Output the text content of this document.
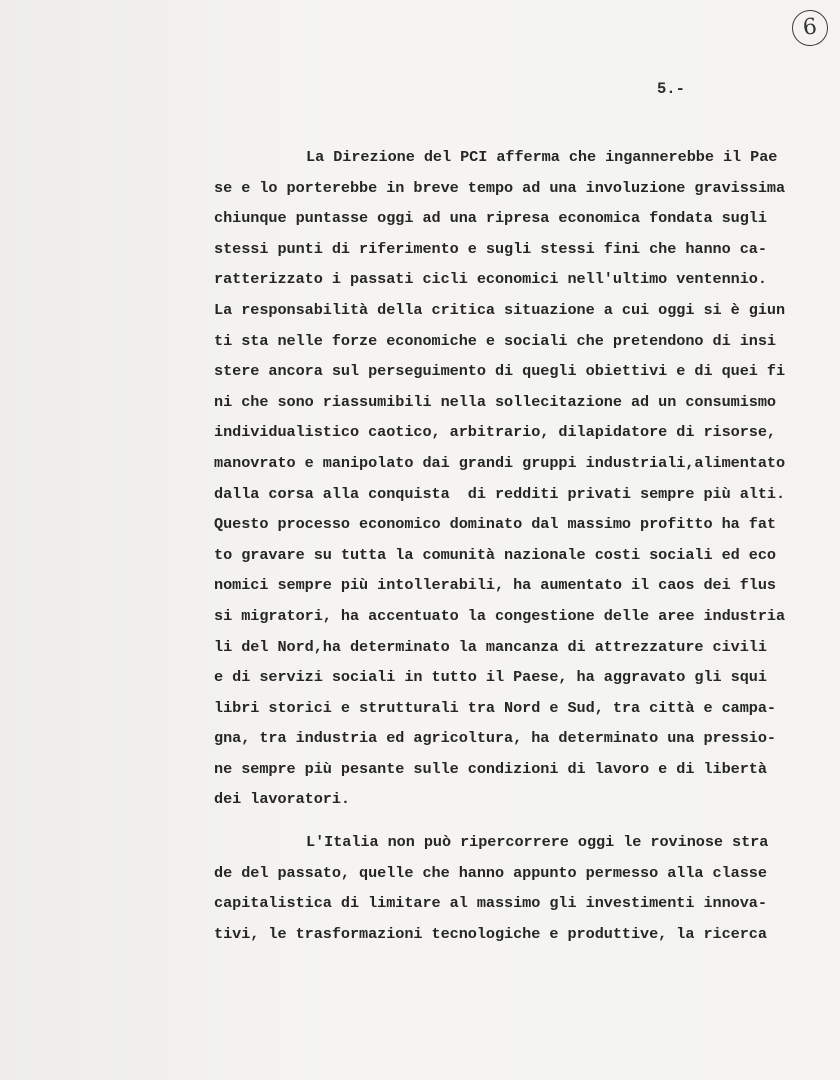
6
5.-
La Direzione del PCI afferma che ingannerebbe il Pae
se e lo porterebbe in breve tempo ad una involuzione gravissima
chiunque puntasse oggi ad una ripresa economica fondata sugli
stessi punti di riferimento e sugli stessi fini che hanno ca-
ratterizzato i passati cicli economici nell'ultimo ventennio.
La responsabilità della critica situazione a cui oggi si è giun
ti sta nelle forze economiche e sociali che pretendono di insi
stere ancora sul perseguimento di quegli obiettivi e di quei fi
ni che sono riassumibili nella sollecitazione ad un consumismo
individualistico caotico, arbitrario, dilapidatore di risorse,
manovrato e manipolato dai grandi gruppi industriali,alimentato
dalla corsa alla conquista  di redditi privati sempre più alti.
Questo processo economico dominato dal massimo profitto ha fat
to gravare su tutta la comunità nazionale costi sociali ed eco
nomici sempre più intollerabili, ha aumentato il caos dei flus
si migratori, ha accentuato la congestione delle aree industria
li del Nord,ha determinato la mancanza di attrezzature civili
e di servizi sociali in tutto il Paese, ha aggravato gli squi
libri storici e strutturali tra Nord e Sud, tra città e campa-
gna, tra industria ed agricoltura, ha determinato una pressio-
ne sempre più pesante sulle condizioni di lavoro e di libertà
dei lavoratori.
L'Italia non può ripercorrere oggi le rovinose stra
de del passato, quelle che hanno appunto permesso alla classe
capitalistica di limitare al massimo gli investimenti innova-
tivi, le trasformazioni tecnologiche e produttive, la ricerca
